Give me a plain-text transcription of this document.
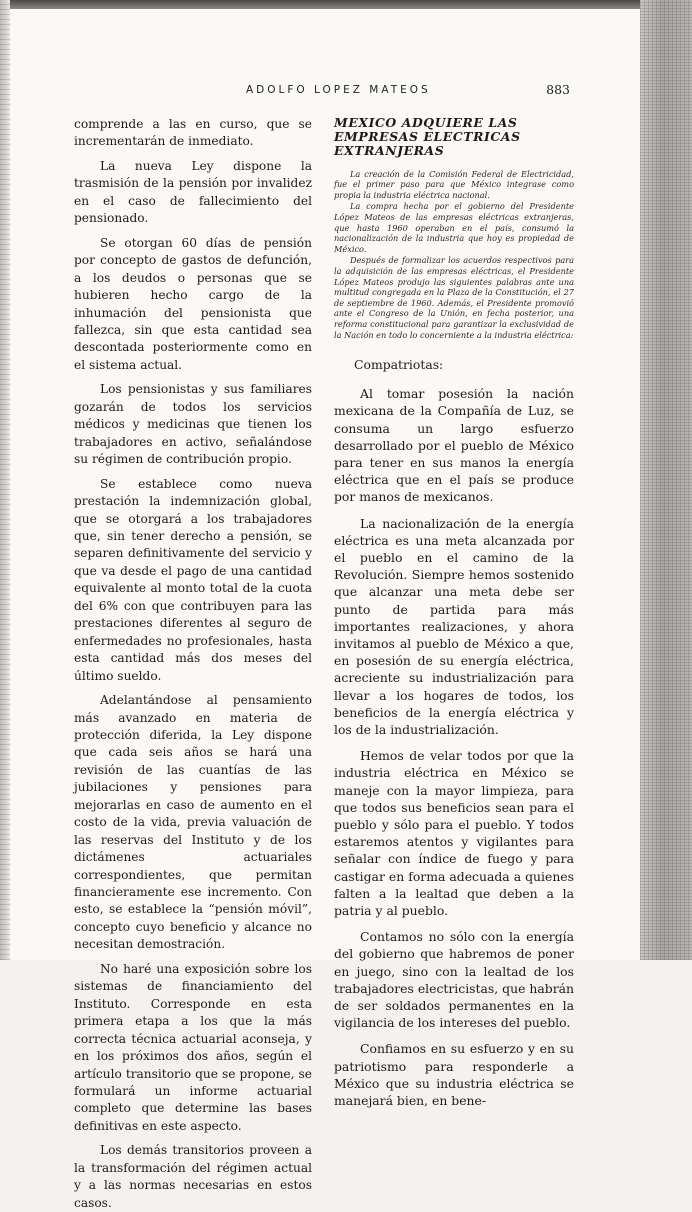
ADOLFO LOPEZ MATEOS	883

comprende a las en curso, que se incrementarán de inmediato.

La nueva Ley dispone la trasmisión de la pensión por invalidez en el caso de fallecimiento del pensionado.

Se otorgan 60 días de pensión por concepto de gastos de defunción, a los deudos o personas que se hubieren hecho cargo de la inhumación del pensionista que fallezca, sin que esta cantidad sea descontada posteriormente como en el sistema actual.

Los pensionistas y sus familiares gozarán de todos los servicios médicos y medicinas que tienen los trabajadores en activo, señalándose su régimen de contribución propio.

Se establece como nueva prestación la indemnización global, que se otorgará a los trabajadores que, sin tener derecho a pensión, se separen definitivamente del servicio y que va desde el pago de una cantidad equivalente al monto total de la cuota del 6% con que contribuyen para las prestaciones diferentes al seguro de enfermedades no profesionales, hasta esta cantidad más dos meses del último sueldo.

Adelantándose al pensamiento más avanzado en materia de protección diferida, la Ley dispone que cada seis años se hará una revisión de las cuantías de las jubilaciones y pensiones para mejorarlas en caso de aumento en el costo de la vida, previa valuación de las reservas del Instituto y de los dictámenes actuariales correspondientes, que permitan financieramente ese incremento. Con esto, se establece la “pensión móvil”, concepto cuyo beneficio y alcance no necesitan demostración.

No haré una exposición sobre los sistemas de financiamiento del Instituto. Corresponde en esta primera etapa a los que la más correcta técnica actuarial aconseja, y en los próximos dos años, según el artículo transitorio que se propone, se formulará un informe actuarial completo que determine las bases definitivas en este aspecto.

Los demás transitorios proveen a la transformación del régimen actual y a las normas necesarias en estos casos.

MEXICO ADQUIERE LAS EMPRESAS ELECTRICAS EXTRANJERAS

La creación de la Comisión Federal de Electricidad, fue el primer paso para que México integrase como propia la industria eléctrica nacional.

La compra hecha por el gobierno del Presidente López Mateos de las empresas eléctricas extranjeras, que hasta 1960 operaban en el país, consumó la nacionalización de la industria que hoy es propiedad de México.

Después de formalizar los acuerdos respectivos para la adquisición de las empresas eléctricas, el Presidente López Mateos produjo las siguientes palabras ante una multitud congregada en la Plaza de la Constitución, el 27 de septiembre de 1960. Además, el Presidente promovió ante el Congreso de la Unión, en fecha posterior, una reforma constitucional para garantizar la exclusividad de la Nación en todo lo concerniente a la industria eléctrica:

Compatriotas:

Al tomar posesión la nación mexicana de la Compañía de Luz, se consuma un largo esfuerzo desarrollado por el pueblo de México para tener en sus manos la energía eléctrica que en el país se produce por manos de mexicanos.

La nacionalización de la energía eléctrica es una meta alcanzada por el pueblo en el camino de la Revolución. Siempre hemos sostenido que alcanzar una meta debe ser punto de partida para más importantes realizaciones, y ahora invitamos al pueblo de México a que, en posesión de su energía eléctrica, acreciente su industrialización para llevar a los hogares de todos, los beneficios de la energía eléctrica y los de la industrialización.

Hemos de velar todos por que la industria eléctrica en México se maneje con la mayor limpieza, para que todos sus beneficios sean para el pueblo y sólo para el pueblo. Y todos estaremos atentos y vigilantes para señalar con índice de fuego y para castigar en forma adecuada a quienes falten a la lealtad que deben a la patria y al pueblo.

Contamos no sólo con la energía del gobierno que habremos de poner en juego, sino con la lealtad de los trabajadores electricistas, que habrán de ser soldados permanentes en la vigilancia de los intereses del pueblo.

Confiamos en su esfuerzo y en su patriotismo para responderle a México que su industria eléctrica se manejará bien, en bene-
